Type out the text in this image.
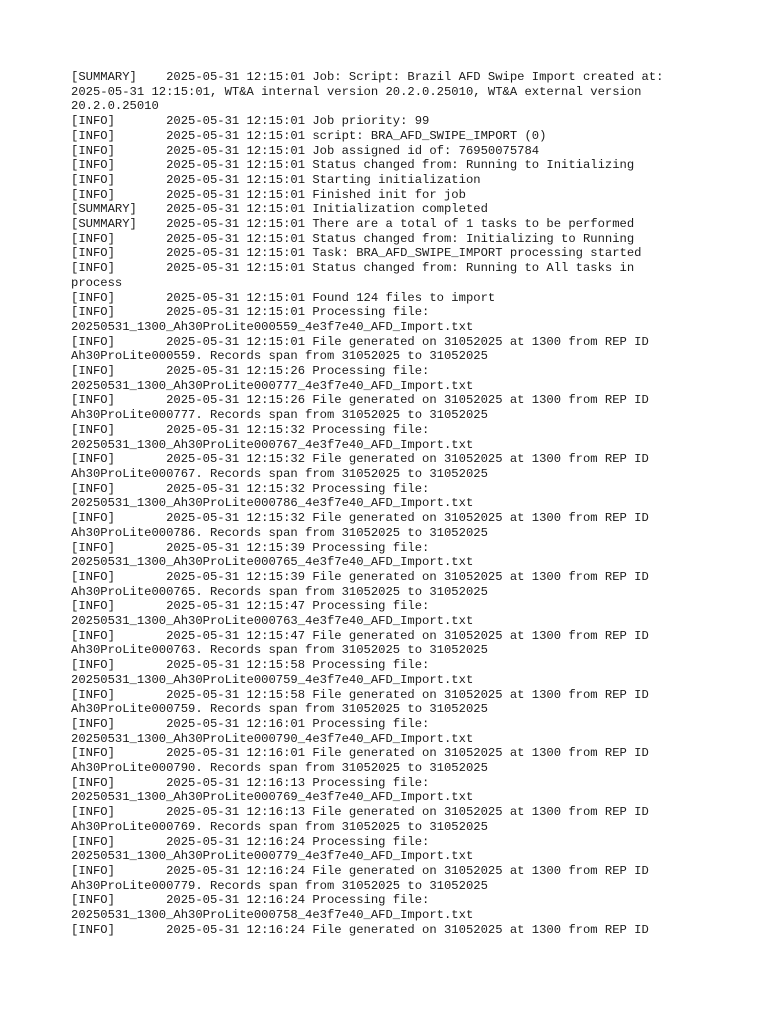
[SUMMARY]    2025-05-31 12:15:01 Job: Script: Brazil AFD Swipe Import created at:
2025-05-31 12:15:01, WT&A internal version 20.2.0.25010, WT&A external version
20.2.0.25010
[INFO]       2025-05-31 12:15:01 Job priority: 99
[INFO]       2025-05-31 12:15:01 script: BRA_AFD_SWIPE_IMPORT (0)
[INFO]       2025-05-31 12:15:01 Job assigned id of: 76950075784
[INFO]       2025-05-31 12:15:01 Status changed from: Running to Initializing
[INFO]       2025-05-31 12:15:01 Starting initialization
[INFO]       2025-05-31 12:15:01 Finished init for job
[SUMMARY]    2025-05-31 12:15:01 Initialization completed
[SUMMARY]    2025-05-31 12:15:01 There are a total of 1 tasks to be performed
[INFO]       2025-05-31 12:15:01 Status changed from: Initializing to Running
[INFO]       2025-05-31 12:15:01 Task: BRA_AFD_SWIPE_IMPORT processing started
[INFO]       2025-05-31 12:15:01 Status changed from: Running to All tasks in
process
[INFO]       2025-05-31 12:15:01 Found 124 files to import
[INFO]       2025-05-31 12:15:01 Processing file:
20250531_1300_Ah30ProLite000559_4e3f7e40_AFD_Import.txt
[INFO]       2025-05-31 12:15:01 File generated on 31052025 at 1300 from REP ID
Ah30ProLite000559. Records span from 31052025 to 31052025
[INFO]       2025-05-31 12:15:26 Processing file:
20250531_1300_Ah30ProLite000777_4e3f7e40_AFD_Import.txt
[INFO]       2025-05-31 12:15:26 File generated on 31052025 at 1300 from REP ID
Ah30ProLite000777. Records span from 31052025 to 31052025
[INFO]       2025-05-31 12:15:32 Processing file:
20250531_1300_Ah30ProLite000767_4e3f7e40_AFD_Import.txt
[INFO]       2025-05-31 12:15:32 File generated on 31052025 at 1300 from REP ID
Ah30ProLite000767. Records span from 31052025 to 31052025
[INFO]       2025-05-31 12:15:32 Processing file:
20250531_1300_Ah30ProLite000786_4e3f7e40_AFD_Import.txt
[INFO]       2025-05-31 12:15:32 File generated on 31052025 at 1300 from REP ID
Ah30ProLite000786. Records span from 31052025 to 31052025
[INFO]       2025-05-31 12:15:39 Processing file:
20250531_1300_Ah30ProLite000765_4e3f7e40_AFD_Import.txt
[INFO]       2025-05-31 12:15:39 File generated on 31052025 at 1300 from REP ID
Ah30ProLite000765. Records span from 31052025 to 31052025
[INFO]       2025-05-31 12:15:47 Processing file:
20250531_1300_Ah30ProLite000763_4e3f7e40_AFD_Import.txt
[INFO]       2025-05-31 12:15:47 File generated on 31052025 at 1300 from REP ID
Ah30ProLite000763. Records span from 31052025 to 31052025
[INFO]       2025-05-31 12:15:58 Processing file:
20250531_1300_Ah30ProLite000759_4e3f7e40_AFD_Import.txt
[INFO]       2025-05-31 12:15:58 File generated on 31052025 at 1300 from REP ID
Ah30ProLite000759. Records span from 31052025 to 31052025
[INFO]       2025-05-31 12:16:01 Processing file:
20250531_1300_Ah30ProLite000790_4e3f7e40_AFD_Import.txt
[INFO]       2025-05-31 12:16:01 File generated on 31052025 at 1300 from REP ID
Ah30ProLite000790. Records span from 31052025 to 31052025
[INFO]       2025-05-31 12:16:13 Processing file:
20250531_1300_Ah30ProLite000769_4e3f7e40_AFD_Import.txt
[INFO]       2025-05-31 12:16:13 File generated on 31052025 at 1300 from REP ID
Ah30ProLite000769. Records span from 31052025 to 31052025
[INFO]       2025-05-31 12:16:24 Processing file:
20250531_1300_Ah30ProLite000779_4e3f7e40_AFD_Import.txt
[INFO]       2025-05-31 12:16:24 File generated on 31052025 at 1300 from REP ID
Ah30ProLite000779. Records span from 31052025 to 31052025
[INFO]       2025-05-31 12:16:24 Processing file:
20250531_1300_Ah30ProLite000758_4e3f7e40_AFD_Import.txt
[INFO]       2025-05-31 12:16:24 File generated on 31052025 at 1300 from REP ID
